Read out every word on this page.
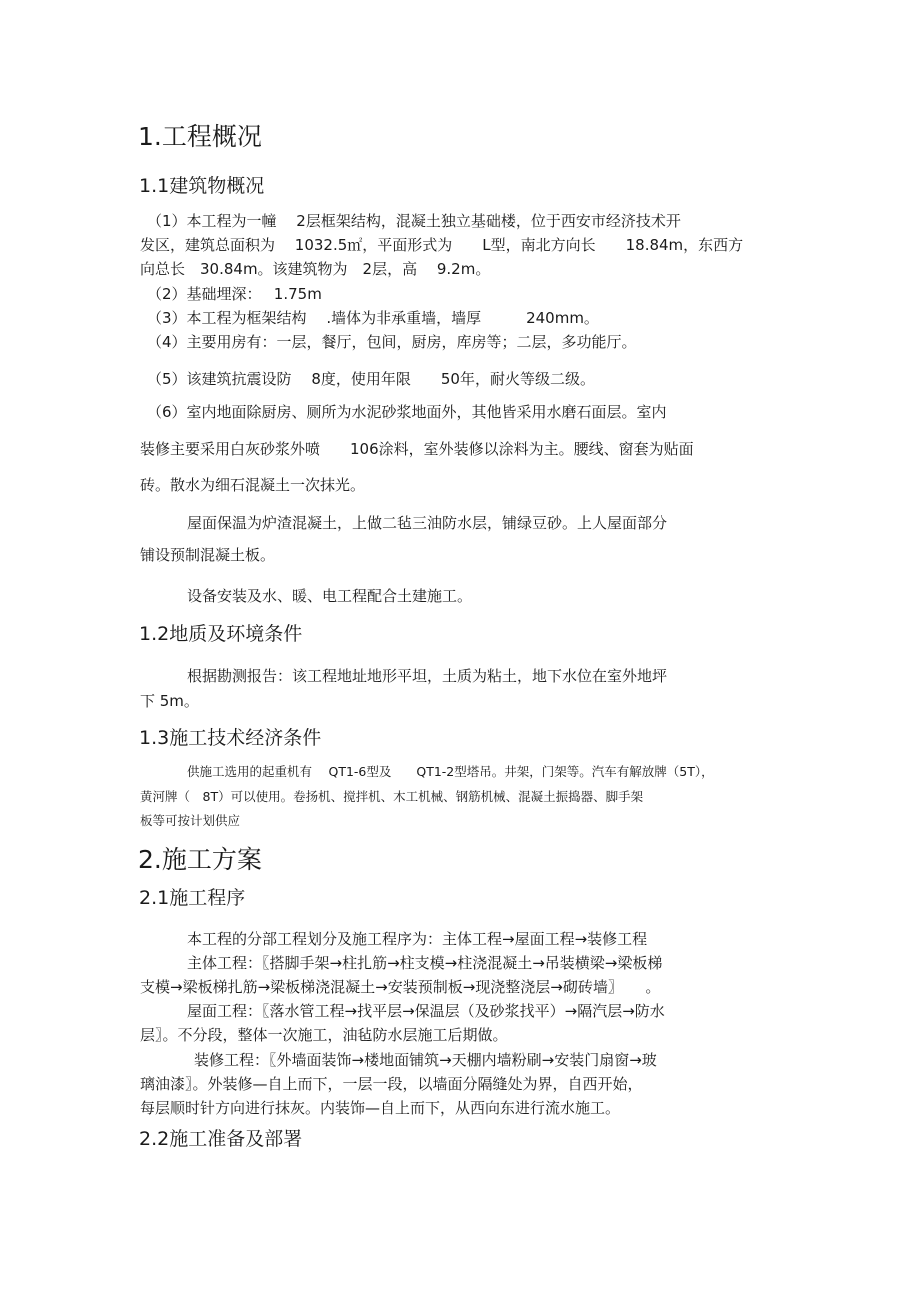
1.工程概况
1.1建筑物概况
（1）本工程为一幢　 2层框架结构，混凝土独立基础楼，位于西安市经济技术开
发区，建筑总面积为　 1032.5㎡，平面形式为　　L型，南北方向长　　18.84m，东西方
向总长　30.84m。该建筑物为　2层，高　 9.2m。
（2）基础埋深：　 1.75m
（3）本工程为框架结构　 .墙体为非承重墙，墙厚　　　240mm。
（4）主要用房有：一层，餐厅，包间，厨房，库房等；二层，多功能厅。
（5）该建筑抗震设防　 8度，使用年限　　50年，耐火等级二级。
（6）室内地面除厨房、厕所为水泥砂浆地面外，其他皆采用水磨石面层。室内
装修主要采用白灰砂浆外喷　　106涂料，室外装修以涂料为主。腰线、窗套为贴面
砖。散水为细石混凝土一次抹光。
屋面保温为炉渣混凝土，上做二毡三油防水层，铺绿豆砂。上人屋面部分
铺设预制混凝土板。
设备安装及水、暖、电工程配合土建施工。
1.2地质及环境条件
根据勘测报告：该工程地址地形平坦，土质为粘土，地下水位在室外地坪
下 5m。
1.3施工技术经济条件
供施工选用的起重机有　 QT1-6型及　　QT1-2型塔吊。井架，门架等。汽车有解放牌（5T），
黄河牌（　8T）可以使用。卷扬机、搅拌机、木工机械、钢筋机械、混凝土振捣器、脚手架
板等可按计划供应
2.施工方案
2.1施工程序
本工程的分部工程划分及施工程序为：主体工程→屋面工程→装修工程
主体工程：〖搭脚手架→柱扎筋→柱支模→柱浇混凝土→吊装横梁→梁板梯
支模→梁板梯扎筋→梁板梯浇混凝土→安装预制板→现浇整浇层→砌砖墙〗　　。
屋面工程：〖落水管工程→找平层→保温层（及砂浆找平）→隔汽层→防水
层〗。不分段，整体一次施工，油毡防水层施工后期做。
装修工程：〖外墙面装饰→楼地面铺筑→天棚内墙粉刷→安装门扇窗→玻
璃油漆〗。外装修—自上而下，一层一段，以墙面分隔缝处为界，自西开始，
每层顺时针方向进行抹灰。内装饰—自上而下，从西向东进行流水施工。
2.2施工准备及部署
